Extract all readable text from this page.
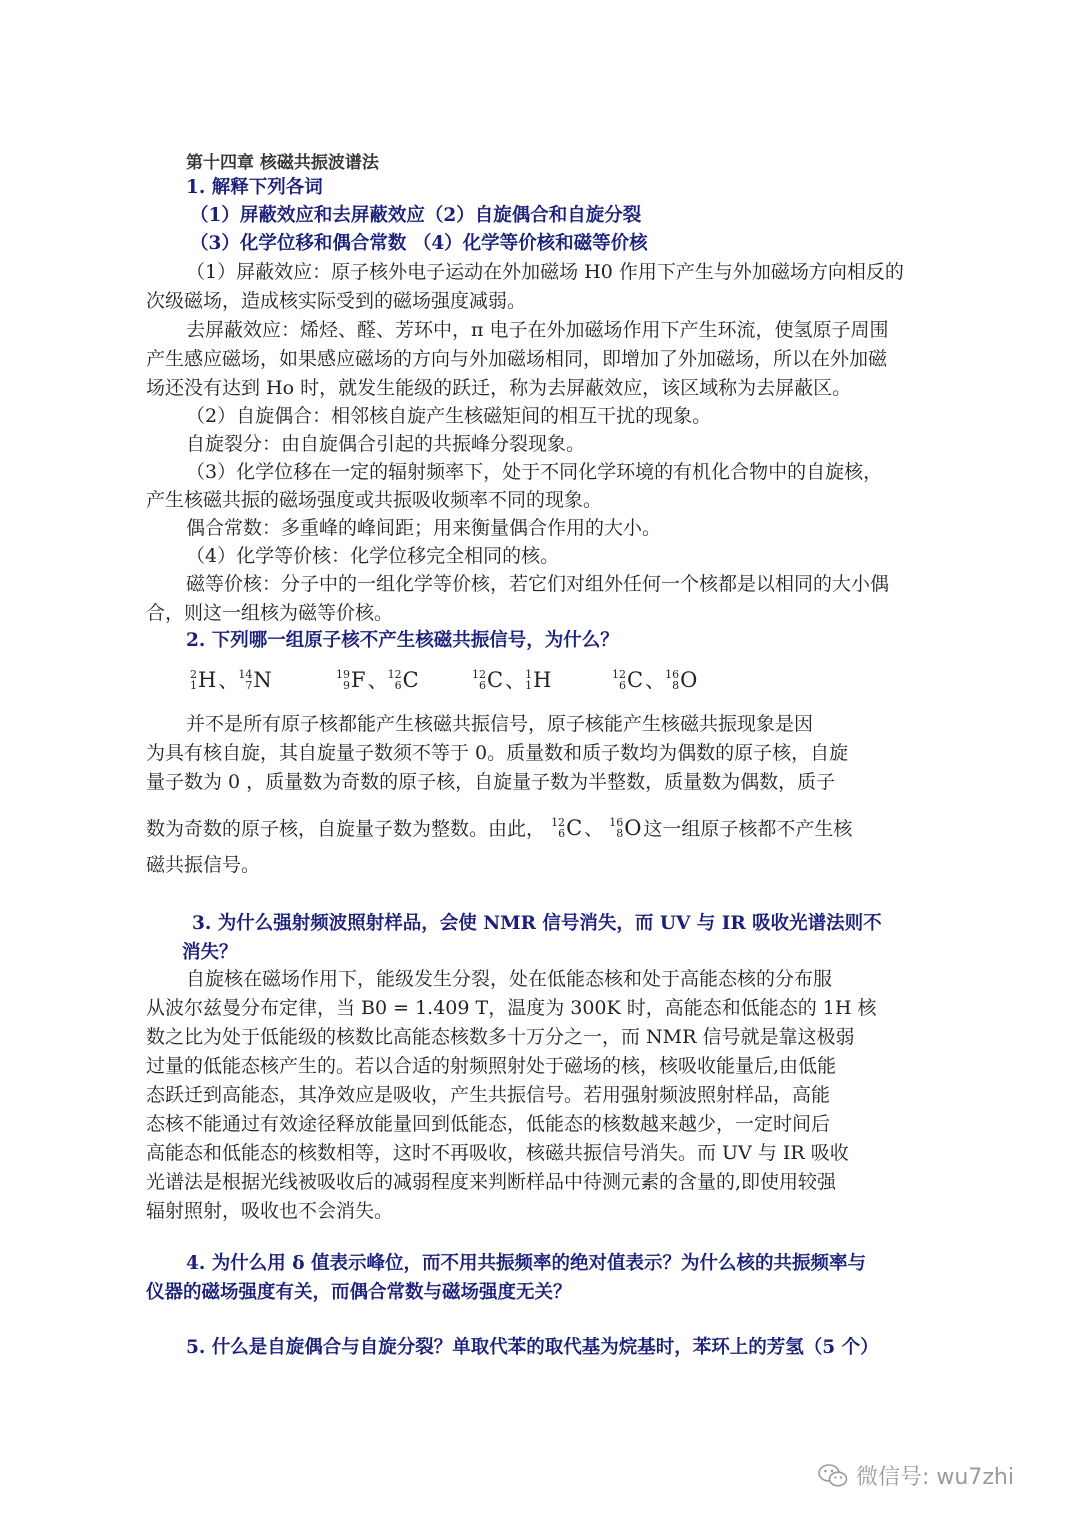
第十四章 核磁共振波谱法
1. 解释下列各词
（1）屏蔽效应和去屏蔽效应（2）自旋偶合和自旋分裂
（3）化学位移和偶合常数 （4）化学等价核和磁等价核
（1）屏蔽效应：原子核外电子运动在外加磁场 H0 作用下产生与外加磁场方向相反的
次级磁场，造成核实际受到的磁场强度减弱。
去屏蔽效应：烯烃、醛、芳环中，π 电子在外加磁场作用下产生环流，使氢原子周围
产生感应磁场，如果感应磁场的方向与外加磁场相同，即增加了外加磁场，所以在外加磁
场还没有达到 Ho 时，就发生能级的跃迁，称为去屏蔽效应，该区域称为去屏蔽区。
（2）自旋偶合：相邻核自旋产生核磁矩间的相互干扰的现象。
自旋裂分：由自旋偶合引起的共振峰分裂现象。
（3）化学位移在一定的辐射频率下，处于不同化学环境的有机化合物中的自旋核，
产生核磁共振的磁场强度或共振吸收频率不同的现象。
偶合常数：多重峰的峰间距；用来衡量偶合作用的大小。
（4）化学等价核：化学位移完全相同的核。
磁等价核：分子中的一组化学等价核，若它们对组外任何一个核都是以相同的大小偶
合，则这一组核为磁等价核。
2. 下列哪一组原子核不产生核磁共振信号，为什么？
2
1 H 、 14
7 N	19
9 F 、 12
6 C	12
6 C 、 1
1 H	12
6 C 、 16
8 O
并不是所有原子核都能产生核磁共振信号，原子核能产生核磁共振现象是因
为具有核自旋，其自旋量子数须不等于 0。质量数和质子数均为偶数的原子核，自旋
量子数为 0 ，质量数为奇数的原子核，自旋量子数为半整数，质量数为偶数，质子
数为奇数的原子核，自旋量子数为整数。由此， 12
6 C 、 16
8 O 这一组原子核都不产生核
磁共振信号。
3. 为什么强射频波照射样品，会使 NMR 信号消失，而 UV 与 IR 吸收光谱法则不
消失？
自旋核在磁场作用下，能级发生分裂，处在低能态核和处于高能态核的分布服
从波尔兹曼分布定律，当 B0 = 1.409 T，温度为 300K 时，高能态和低能态的 1H 核
数之比为处于低能级的核数比高能态核数多十万分之一，而 NMR 信号就是靠这极弱
过量的低能态核产生的。若以合适的射频照射处于磁场的核，核吸收能量后,由低能
态跃迁到高能态，其净效应是吸收，产生共振信号。若用强射频波照射样品，高能
态核不能通过有效途径释放能量回到低能态，低能态的核数越来越少，一定时间后
高能态和低能态的核数相等，这时不再吸收，核磁共振信号消失。而 UV 与 IR 吸收
光谱法是根据光线被吸收后的减弱程度来判断样品中待测元素的含量的,即使用较强
辐射照射，吸收也不会消失。
4. 为什么用 δ 值表示峰位，而不用共振频率的绝对值表示？为什么核的共振频率与
仪器的磁场强度有关，而偶合常数与磁场强度无关？
5. 什么是自旋偶合与自旋分裂？单取代苯的取代基为烷基时，苯环上的芳氢（5 个）
微信号: wu7zhi
